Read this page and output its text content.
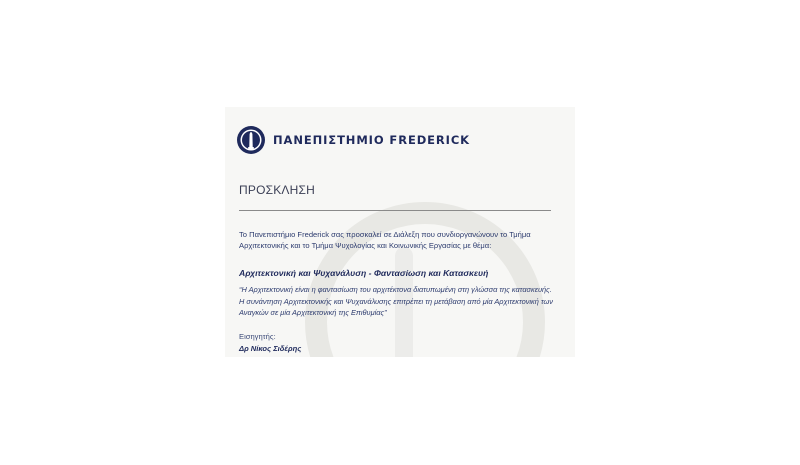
ΠΑΝΕΠΙΣΤΗΜΙΟ FREDERICK
ΠΡΟΣΚΛΗΣΗ
Το Πανεπιστήμιο Frederick σας προσκαλεί σε Διάλεξη που συνδιοργανώνουν το Τμήμα Αρχιτεκτονικής και το Τμήμα Ψυχολογίας και Κοινωνικής Εργασίας με θέμα:
Αρχιτεκτονική και Ψυχανάλυση - Φαντασίωση και Κατασκευή
“Η Αρχιτεκτονική είναι η φαντασίωση του αρχιτέκτονα διατυπωμένη στη γλώσσα της κατασκευής. Η συνάντηση Αρχιτεκτονικής και Ψυχανάλυσης επιτρέπει τη μετάβαση από μία Αρχιτεκτονική των Αναγκών σε μία Αρχιτεκτονική της Επιθυμίας”
Εισηγητής:
Δρ Νίκος Σιδέρης
